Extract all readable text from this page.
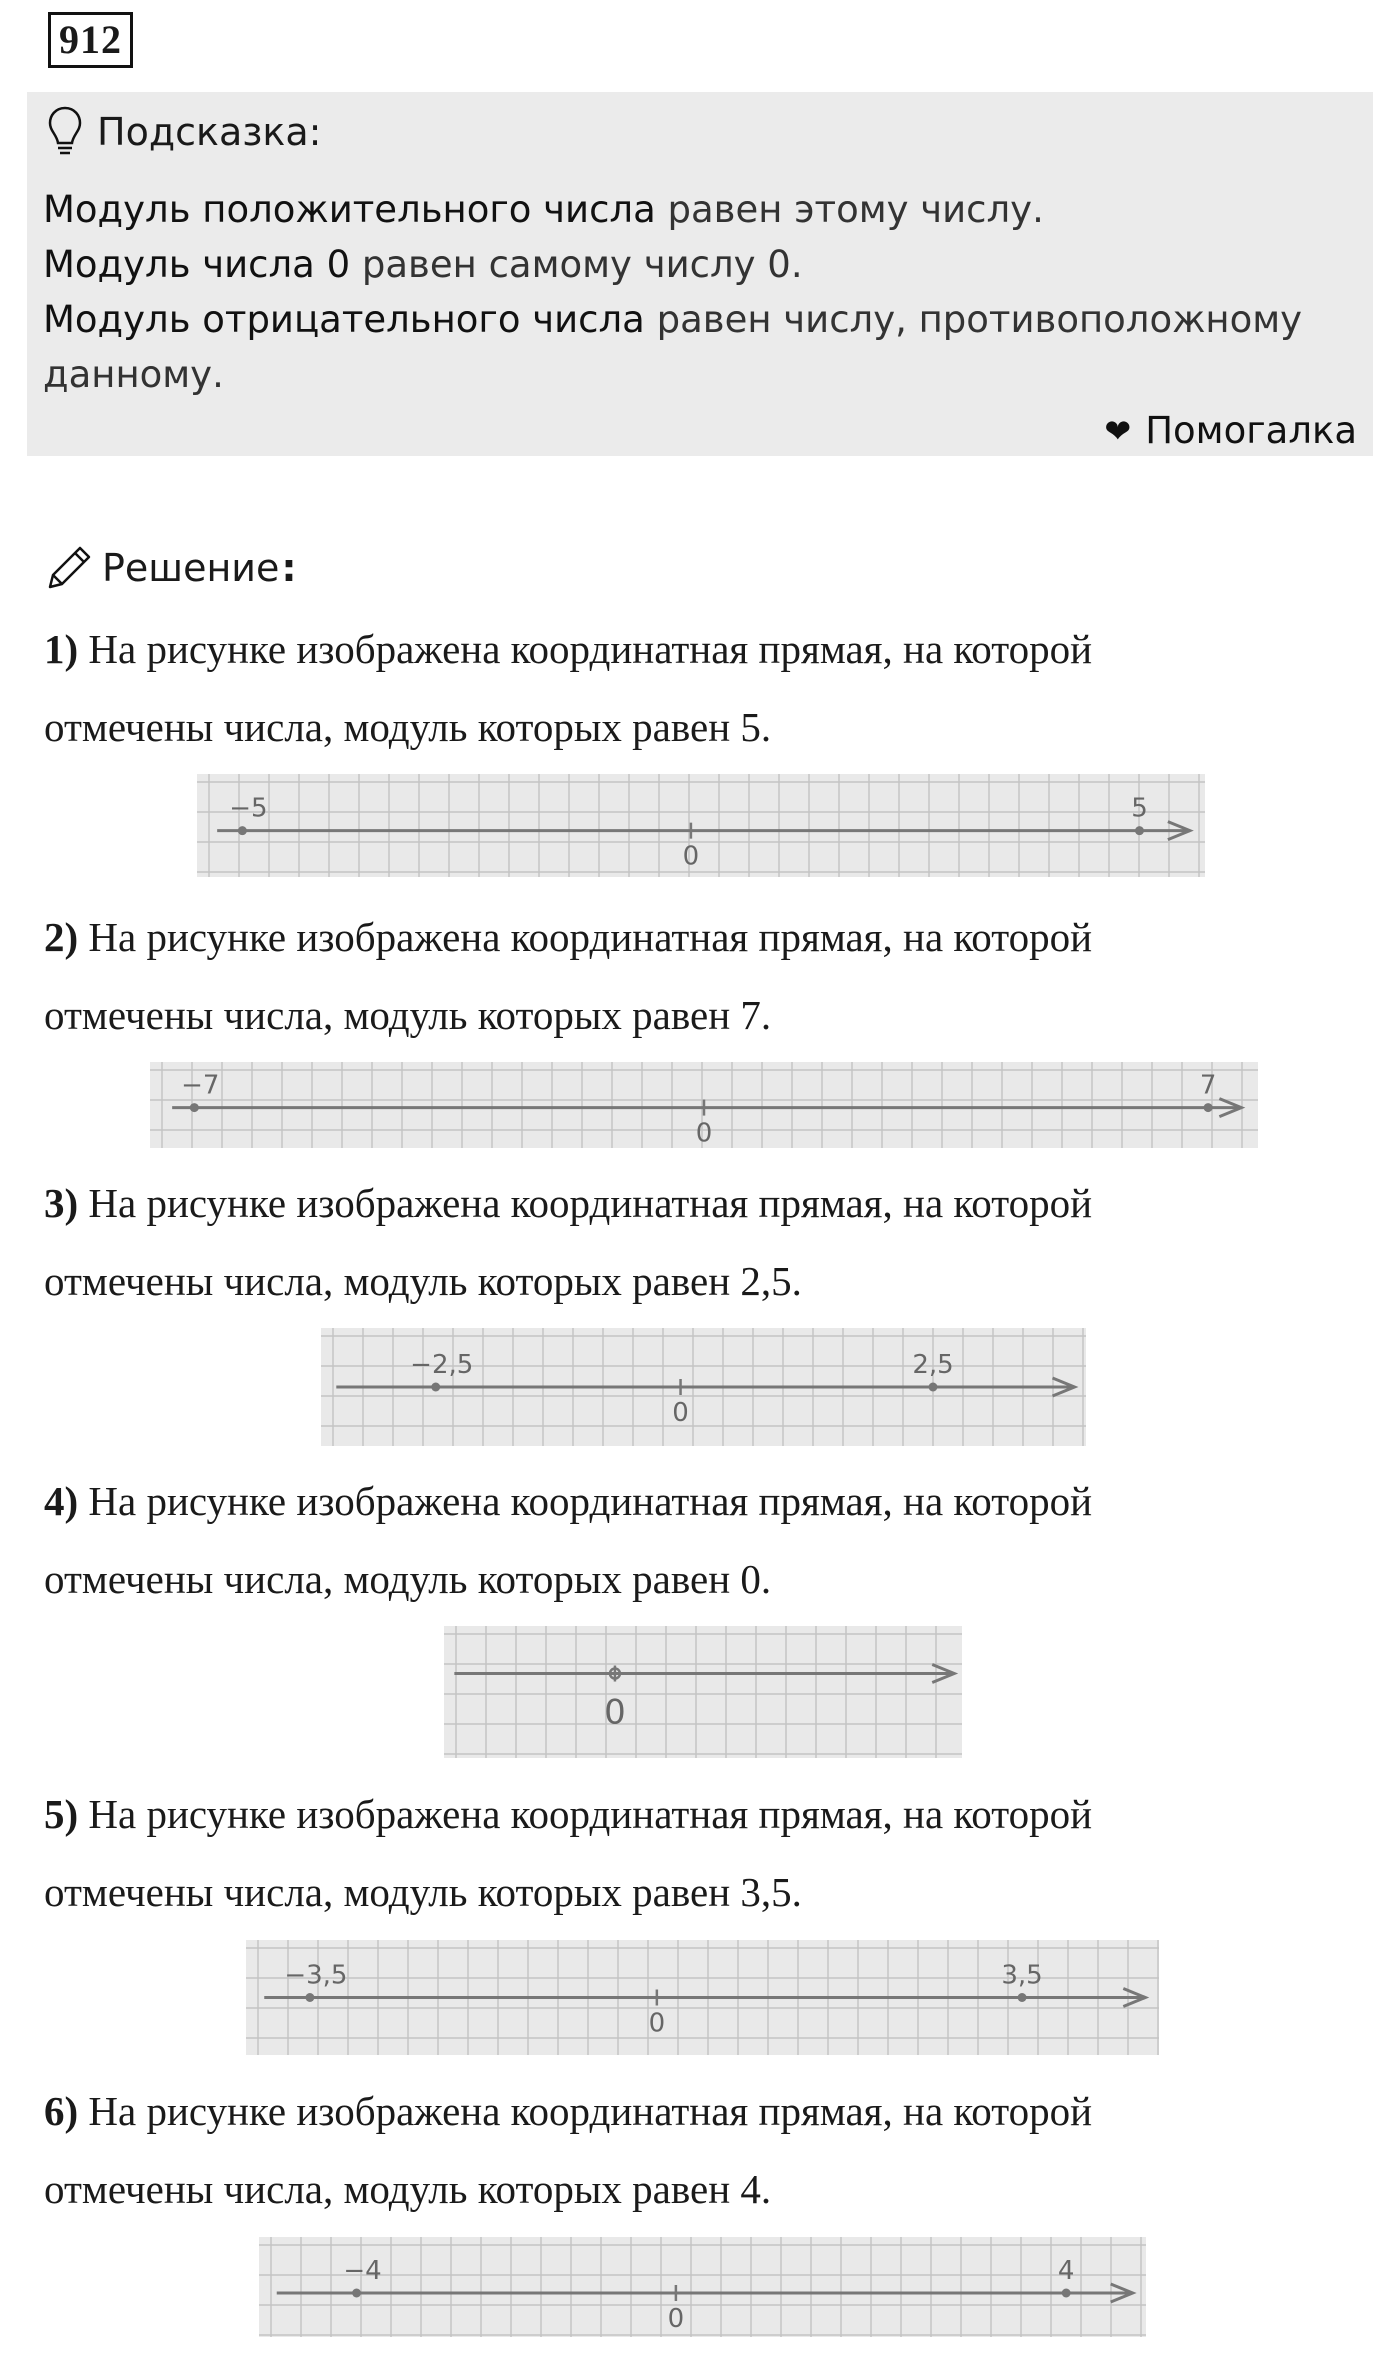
912
Подсказка:
Модуль положительного числа равен этому числу.
Модуль числа 0 равен самому числу 0.
Модуль отрицательного числа равен числу, противоположному данному.
❤ Помогалка
Решение :
1) На рисунке изображена координатная прямая, на которой
отмечены числа, модуль которых равен 5.
2) На рисунке изображена координатная прямая, на которой
отмечены числа, модуль которых равен 7.
3) На рисунке изображена координатная прямая, на которой
отмечены числа, модуль которых равен 2,5.
4) На рисунке изображена координатная прямая, на которой
отмечены числа, модуль которых равен 0.
5) На рисунке изображена координатная прямая, на которой
отмечены числа, модуль которых равен 3,5.
6) На рисунке изображена координатная прямая, на которой
отмечены числа, модуль которых равен 4.
−5	5
0
−7	7
0
−2,5	2,5
0
0
−3,5	3,5
0
−4	4
0
